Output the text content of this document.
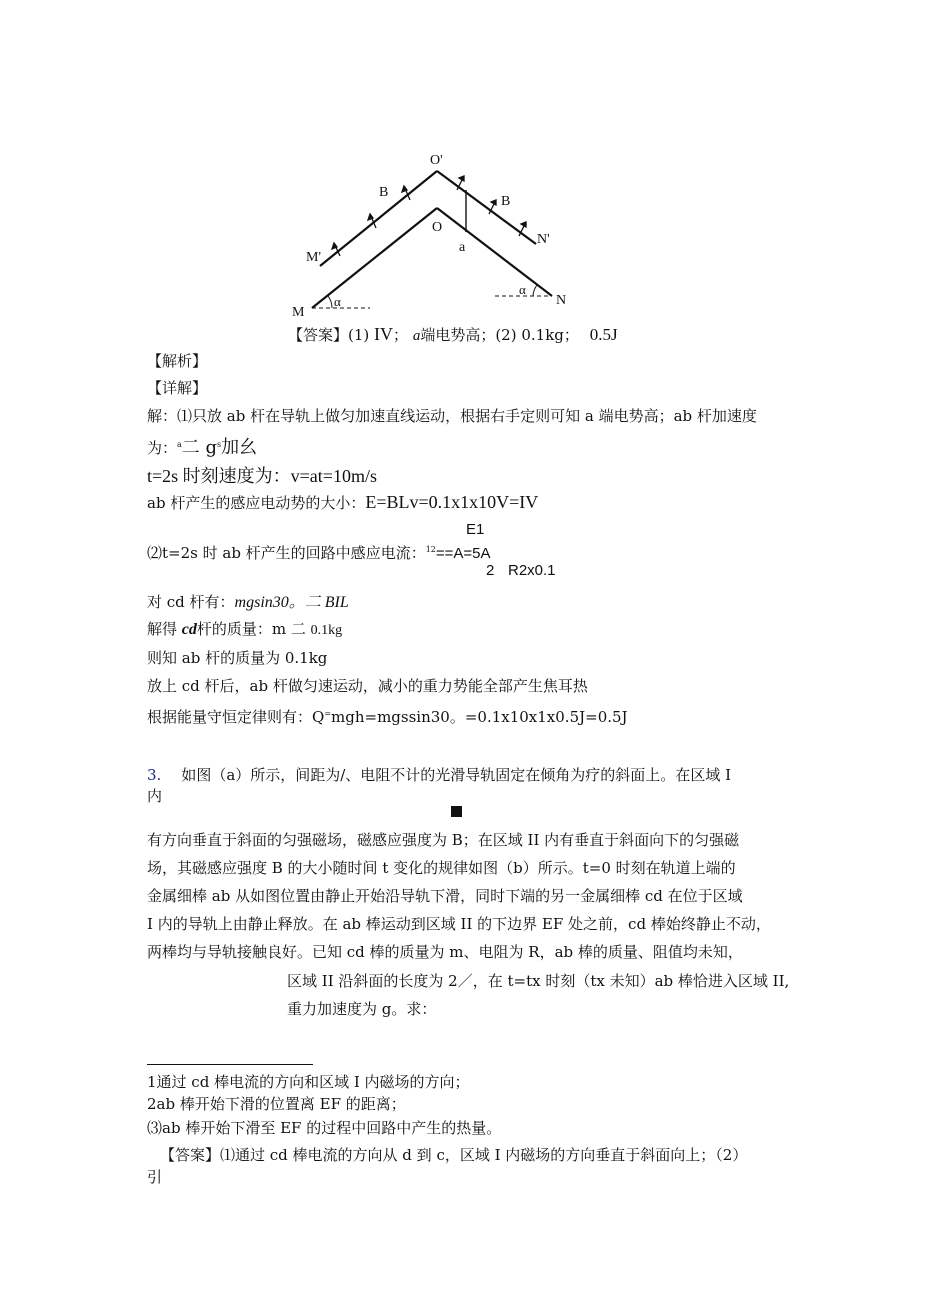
O'
O
B
B
M'
N'
M
N
a
α
α
【答案】(1) IV； a端电势高；(2) 0.1kg； 0.5J
【解析】
【详解】
解：⑴只放 ab 杆在导轨上做匀加速直线运动，根据右手定则可知 a 端电势高；ab 杆加速度
为：$^a$二 $g^s$加幺
t=2s 时刻速度为：v=at=10m/s
ab 杆产生的感应电动势的大小：E=BLv=0.1x1x10V=IV
E1
⑵t=2s 时 ab 杆产生的回路中感应电流：$^{12}$==A=5A
2 R2x0.1
对 cd 杆有：mgsin30。二 BIL
解得 cd杆的质量：m 二 0.1kg
则知 ab 杆的质量为 0.1kg
放上 cd 杆后，ab 杆做匀速运动，减小的重力势能全部产生焦耳热
根据能量守恒定律则有：Q=mgh=mgssin30。=0.1x10x1x0.5J=0.5J
3. 如图（a）所示，间距为/、电阻不计的光滑导轨固定在倾角为疗的斜面上。在区域 I
内
有方向垂直于斜面的匀强磁场，磁感应强度为 B；在区域 II 内有垂直于斜面向下的匀强磁
场，其磁感应强度 B 的大小随时间 t 变化的规律如图（b）所示。t=0 时刻在轨道上端的
金属细棒 ab 从如图位置由静止开始沿导轨下滑，同时下端的另一金属细棒 cd 在位于区域
I 内的导轨上由静止释放。在 ab 棒运动到区域 II 的下边界 EF 处之前，cd 棒始终静止不动，
两棒均与导轨接触良好。已知 cd 棒的质量为 m、电阻为 R，ab 棒的质量、阻值均未知，
区域 II 沿斜面的长度为 2／，在 t=tx 时刻（tx 未知）ab 棒恰进入区域 II,
重力加速度为 g。求：
1通过 cd 棒电流的方向和区域 I 内磁场的方向；
2ab 棒开始下滑的位置离 EF 的距离；
⑶ab 棒开始下滑至 EF 的过程中回路中产生的热量。
【答案】⑴通过 cd 棒电流的方向从 d 到 c，区域 I 内磁场的方向垂直于斜面向上；（2）
引
